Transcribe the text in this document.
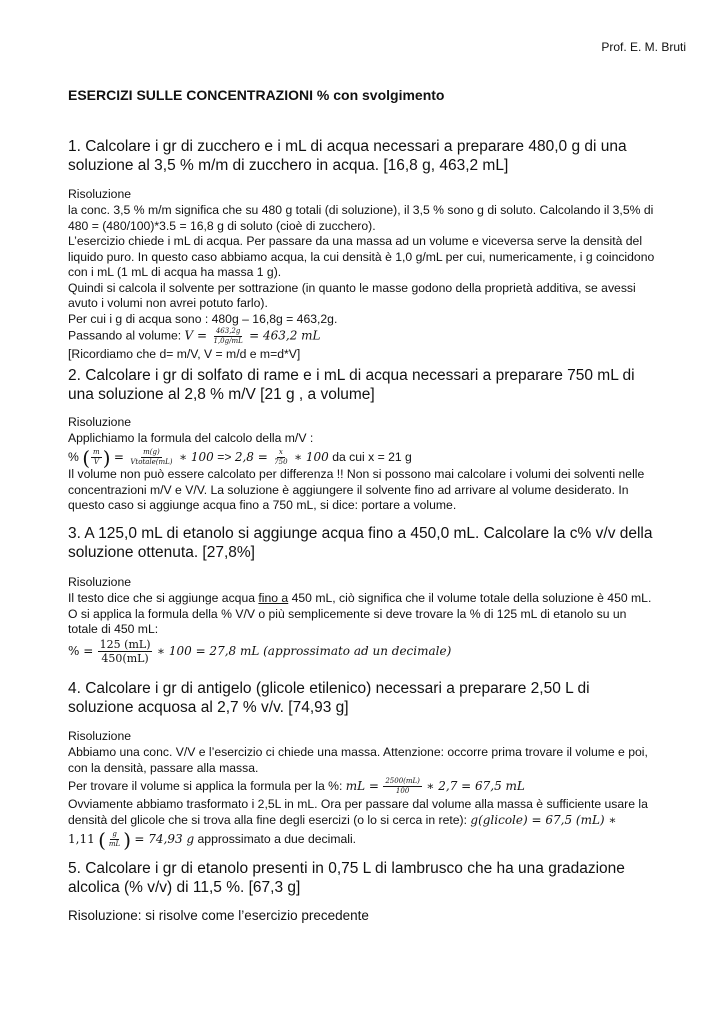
Prof. E. M. Bruti
ESERCIZI SULLE CONCENTRAZIONI % con svolgimento

1. Calcolare i gr di zucchero e i mL di acqua necessari a preparare 480,0 g di una soluzione al 3,5 % m/m di zucchero in acqua. [16,8 g, 463,2 mL]

Risoluzione

la conc. 3,5 % m/m significa che su 480 g totali (di soluzione), il 3,5 % sono g di soluto. Calcolando il 3,5% di 480 = (480/100)*3.5 = 16,8 g di soluto (cioè di zucchero).

L’esercizio chiede i mL di acqua. Per passare da una massa ad un volume e viceversa serve la densità del liquido puro. In questo caso abbiamo acqua, la cui densità è 1,0 g/mL per cui, numericamente, i g coincidono con i mL (1 mL di acqua ha massa 1 g).

Quindi si calcola il solvente per sottrazione (in quanto le masse godono della proprietà additiva, se avessi avuto i volumi non avrei potuto farlo).

Per cui i g di acqua sono : 480g – 16,8g = 463,2g.

Passando al volume: $V = \frac{463,2g}{1,0g/mL} = 463,2$ mL

[Ricordiamo che d= m/V, V = m/d e m=d*V]

2. Calcolare i gr di solfato di rame e i mL di acqua necessari a preparare 750 mL di una soluzione al 2,8 % m/V [21 g , a volume]

Risoluzione

Applichiamo la formula del calcolo della m/V :

% ( $\frac{m}{V}$ ) = $\frac{m(g)}{\text{Vtotale(mL)}}$ ∗ $100 => 2,8 = \frac{x}{750}$ ∗ 100 da cui x = 21 g

Il volume non può essere calcolato per differenza !! Non si possono mai calcolare i volumi dei solventi nelle concentrazioni m/V e V/V. La soluzione è aggiungere il solvente fino ad arrivare al volume desiderato. In questo caso si aggiunge acqua fino a 750 mL, si dice: portare a volume.

3. A 125,0 mL di etanolo si aggiunge acqua fino a 450,0 mL. Calcolare la c% v/v della soluzione ottenuta. [27,8%]

Risoluzione

Il testo dice che si aggiunge acqua fino a 450 mL, ciò significa che il volume totale della soluzione è 450 mL. O si applica la formula della % V/V o più semplicemente si deve trovare la % di 125 mL di etanolo su un totale di 450 mL:

% = $\frac{125 (mL)}{450(mL)}$ ∗ 100 = 27,8 mL (approssimato ad un decimale)

4. Calcolare i gr di antigelo (glicole etilenico) necessari a preparare 2,50 L di soluzione acquosa al 2,7 % v/v. [74,93 g]

Risoluzione

Abbiamo una conc. V/V e l’esercizio ci chiede una massa. Attenzione: occorre prima trovare il volume e poi, con la densità, passare alla massa.

Per trovare il volume si applica la formula per la %: mL = $\frac{2500(mL)}{100}$ ∗ 2,7 = 67,5 mL

Ovviamente abbiamo trasformato i 2,5L in mL. Ora per passare dal volume alla massa è sufficiente usare la densità del glicole che si trova alla fine degli esercizi (o lo si cerca in rete): g(glicole) = 67,5 (mL) ∗

1,11 ( $\frac{g}{mL}$ ) = 74,93 g approssimato a due decimali.

5. Calcolare i gr di etanolo presenti in 0,75 L di lambrusco che ha una gradazione alcolica (% v/v) di 11,5 %. [67,3 g]

Risoluzione: si risolve come l’esercizio precedente
